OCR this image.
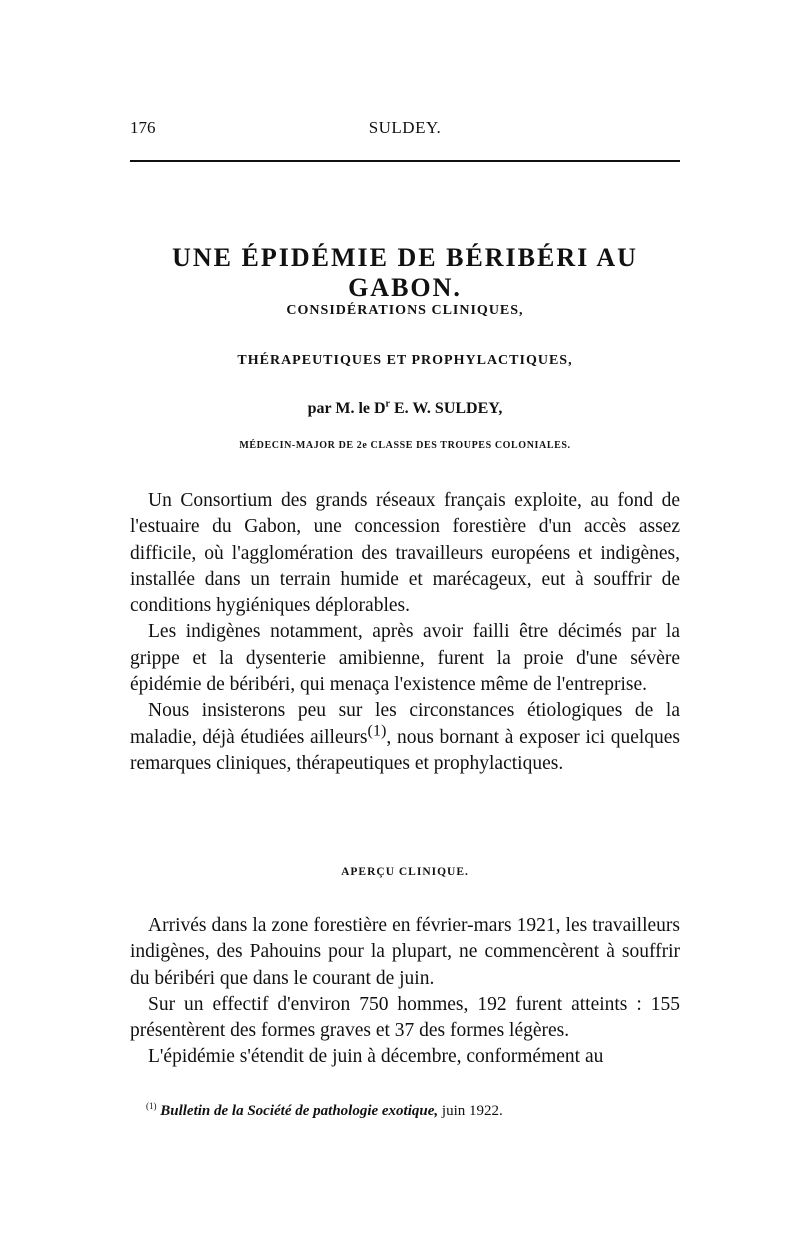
176	SULDEY.
UNE ÉPIDÉMIE DE BÉRIBÉRI AU GABON.
CONSIDÉRATIONS CLINIQUES,
THÉRAPEUTIQUES ET PROPHYLACTIQUES,
par M. le $D^r$ E. W. SULDEY,
MÉDECIN-MAJOR DE 2e CLASSE DES TROUPES COLONIALES.

Un Consortium des grands réseaux français exploite, au fond de l'estuaire du Gabon, une concession forestière d'un accès assez difficile, où l'agglomération des travailleurs européens et indigènes, installée dans un terrain humide et marécageux, eut à souffrir de conditions hygiéniques déplorables.

Les indigènes notamment, après avoir failli être décimés par la grippe et la dysenterie amibienne, furent la proie d'une sévère épidémie de béribéri, qui menaça l'existence même de l'entreprise.

Nous insisterons peu sur les circonstances étiologiques de la maladie, déjà étudiées ailleurs$^{(1)}$, nous bornant à exposer ici quelques remarques cliniques, thérapeutiques et prophylactiques.

APERÇU CLINIQUE.

Arrivés dans la zone forestière en février-mars 1921, les travailleurs indigènes, des Pahouins pour la plupart, ne commencèrent à souffrir du béribéri que dans le courant de juin.

Sur un effectif d'environ 750 hommes, 192 furent atteints : 155 présentèrent des formes graves et 37 des formes légères.

L'épidémie s'étendit de juin à décembre, conformément au

$^{(1)}$ Bulletin de la Société de pathologie exotique, juin 1922.
